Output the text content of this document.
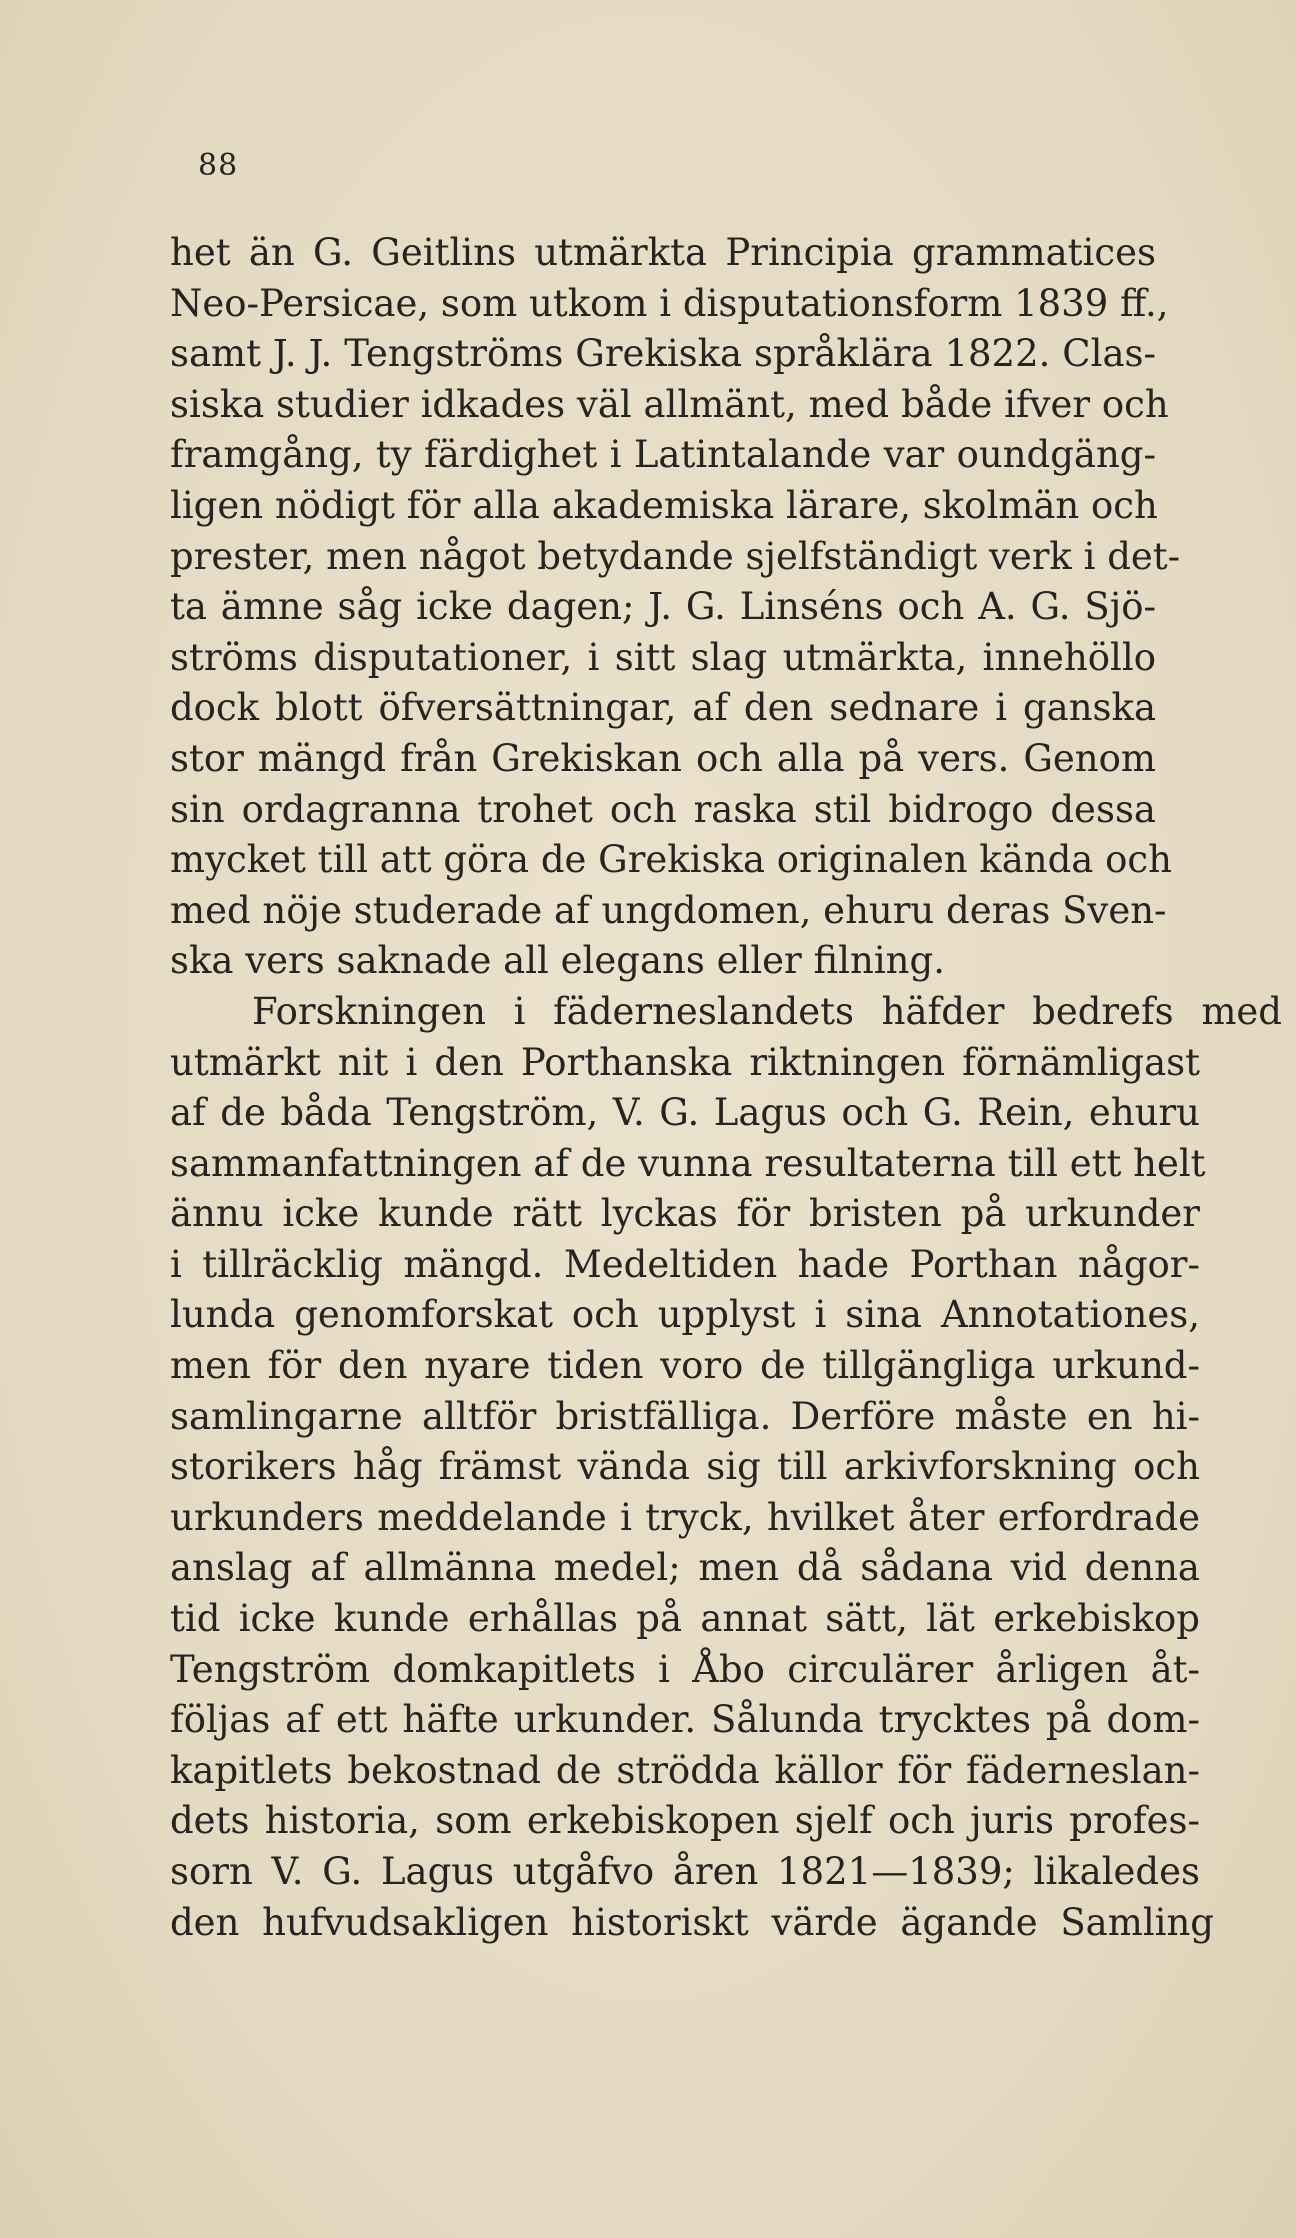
88
het än G. Geitlins utmärkta Principia grammatices
Neo-Persicae, som utkom i disputationsform 1839 ff.,
samt J. J. Tengströms Grekiska språklära 1822. Clas-
siska studier idkades väl allmänt, med både ifver och
framgång, ty färdighet i Latintalande var oundgäng-
ligen nödigt för alla akademiska lärare, skolmän och
prester, men något betydande sjelfständigt verk i det-
ta ämne såg icke dagen; J. G. Linséns och A. G. Sjö-
ströms disputationer, i sitt slag utmärkta, innehöllo
dock blott öfversättningar, af den sednare i ganska
stor mängd från Grekiskan och alla på vers. Genom
sin ordagranna trohet och raska stil bidrogo dessa
mycket till att göra de Grekiska originalen kända och
med nöje studerade af ungdomen, ehuru deras Sven-
ska vers saknade all elegans eller filning.
Forskningen i fäderneslandets häfder bedrefs med
utmärkt nit i den Porthanska riktningen förnämligast
af de båda Tengström, V. G. Lagus och G. Rein, ehuru
sammanfattningen af de vunna resultaterna till ett helt
ännu icke kunde rätt lyckas för bristen på urkunder
i tillräcklig mängd. Medeltiden hade Porthan någor-
lunda genomforskat och upplyst i sina Annotationes,
men för den nyare tiden voro de tillgängliga urkund-
samlingarne alltför bristfälliga. Derföre måste en hi-
storikers håg främst vända sig till arkivforskning och
urkunders meddelande i tryck, hvilket åter erfordrade
anslag af allmänna medel; men då sådana vid denna
tid icke kunde erhållas på annat sätt, lät erkebiskop
Tengström domkapitlets i Åbo circulärer årligen åt-
följas af ett häfte urkunder. Sålunda trycktes på dom-
kapitlets bekostnad de strödda källor för fäderneslan-
dets historia, som erkebiskopen sjelf och juris profes-
sorn V. G. Lagus utgåfvo åren 1821—1839; likaledes
den hufvudsakligen historiskt värde ägande Samling
